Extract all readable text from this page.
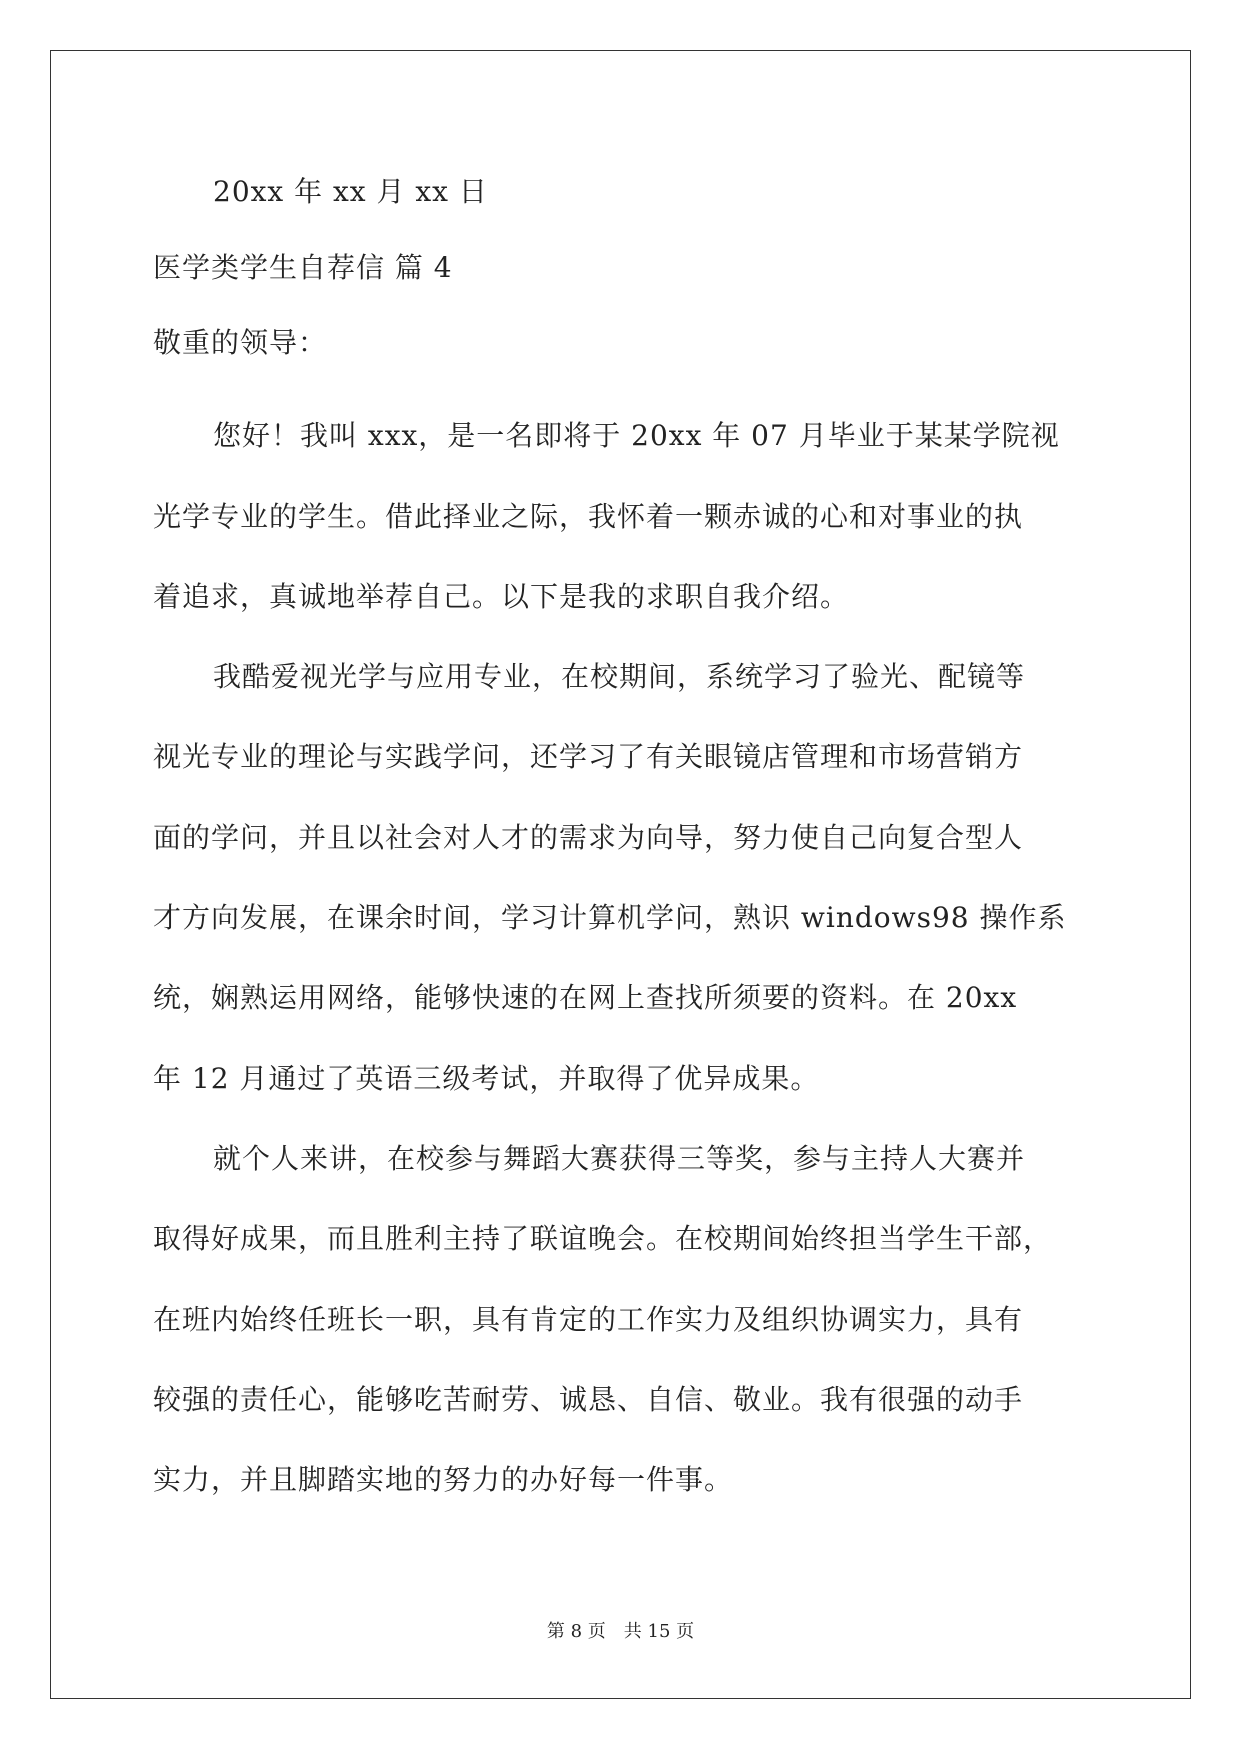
20xx 年 xx 月 xx 日
医学类学生自荐信 篇 4
敬重的领导：
您好！我叫 xxx，是一名即将于 20xx 年 07 月毕业于某某学院视
光学专业的学生。借此择业之际，我怀着一颗赤诚的心和对事业的执
着追求，真诚地举荐自己。以下是我的求职自我介绍。
我酷爱视光学与应用专业，在校期间，系统学习了验光、配镜等
视光专业的理论与实践学问，还学习了有关眼镜店管理和市场营销方
面的学问，并且以社会对人才的需求为向导，努力使自己向复合型人
才方向发展，在课余时间，学习计算机学问，熟识 windows98 操作系
统，娴熟运用网络，能够快速的在网上查找所须要的资料。在 20xx
年 12 月通过了英语三级考试，并取得了优异成果。
就个人来讲，在校参与舞蹈大赛获得三等奖，参与主持人大赛并
取得好成果，而且胜利主持了联谊晚会。在校期间始终担当学生干部，
在班内始终任班长一职，具有肯定的工作实力及组织协调实力，具有
较强的责任心，能够吃苦耐劳、诚恳、自信、敬业。我有很强的动手
实力，并且脚踏实地的努力的办好每一件事。
第 8 页 共 15 页
